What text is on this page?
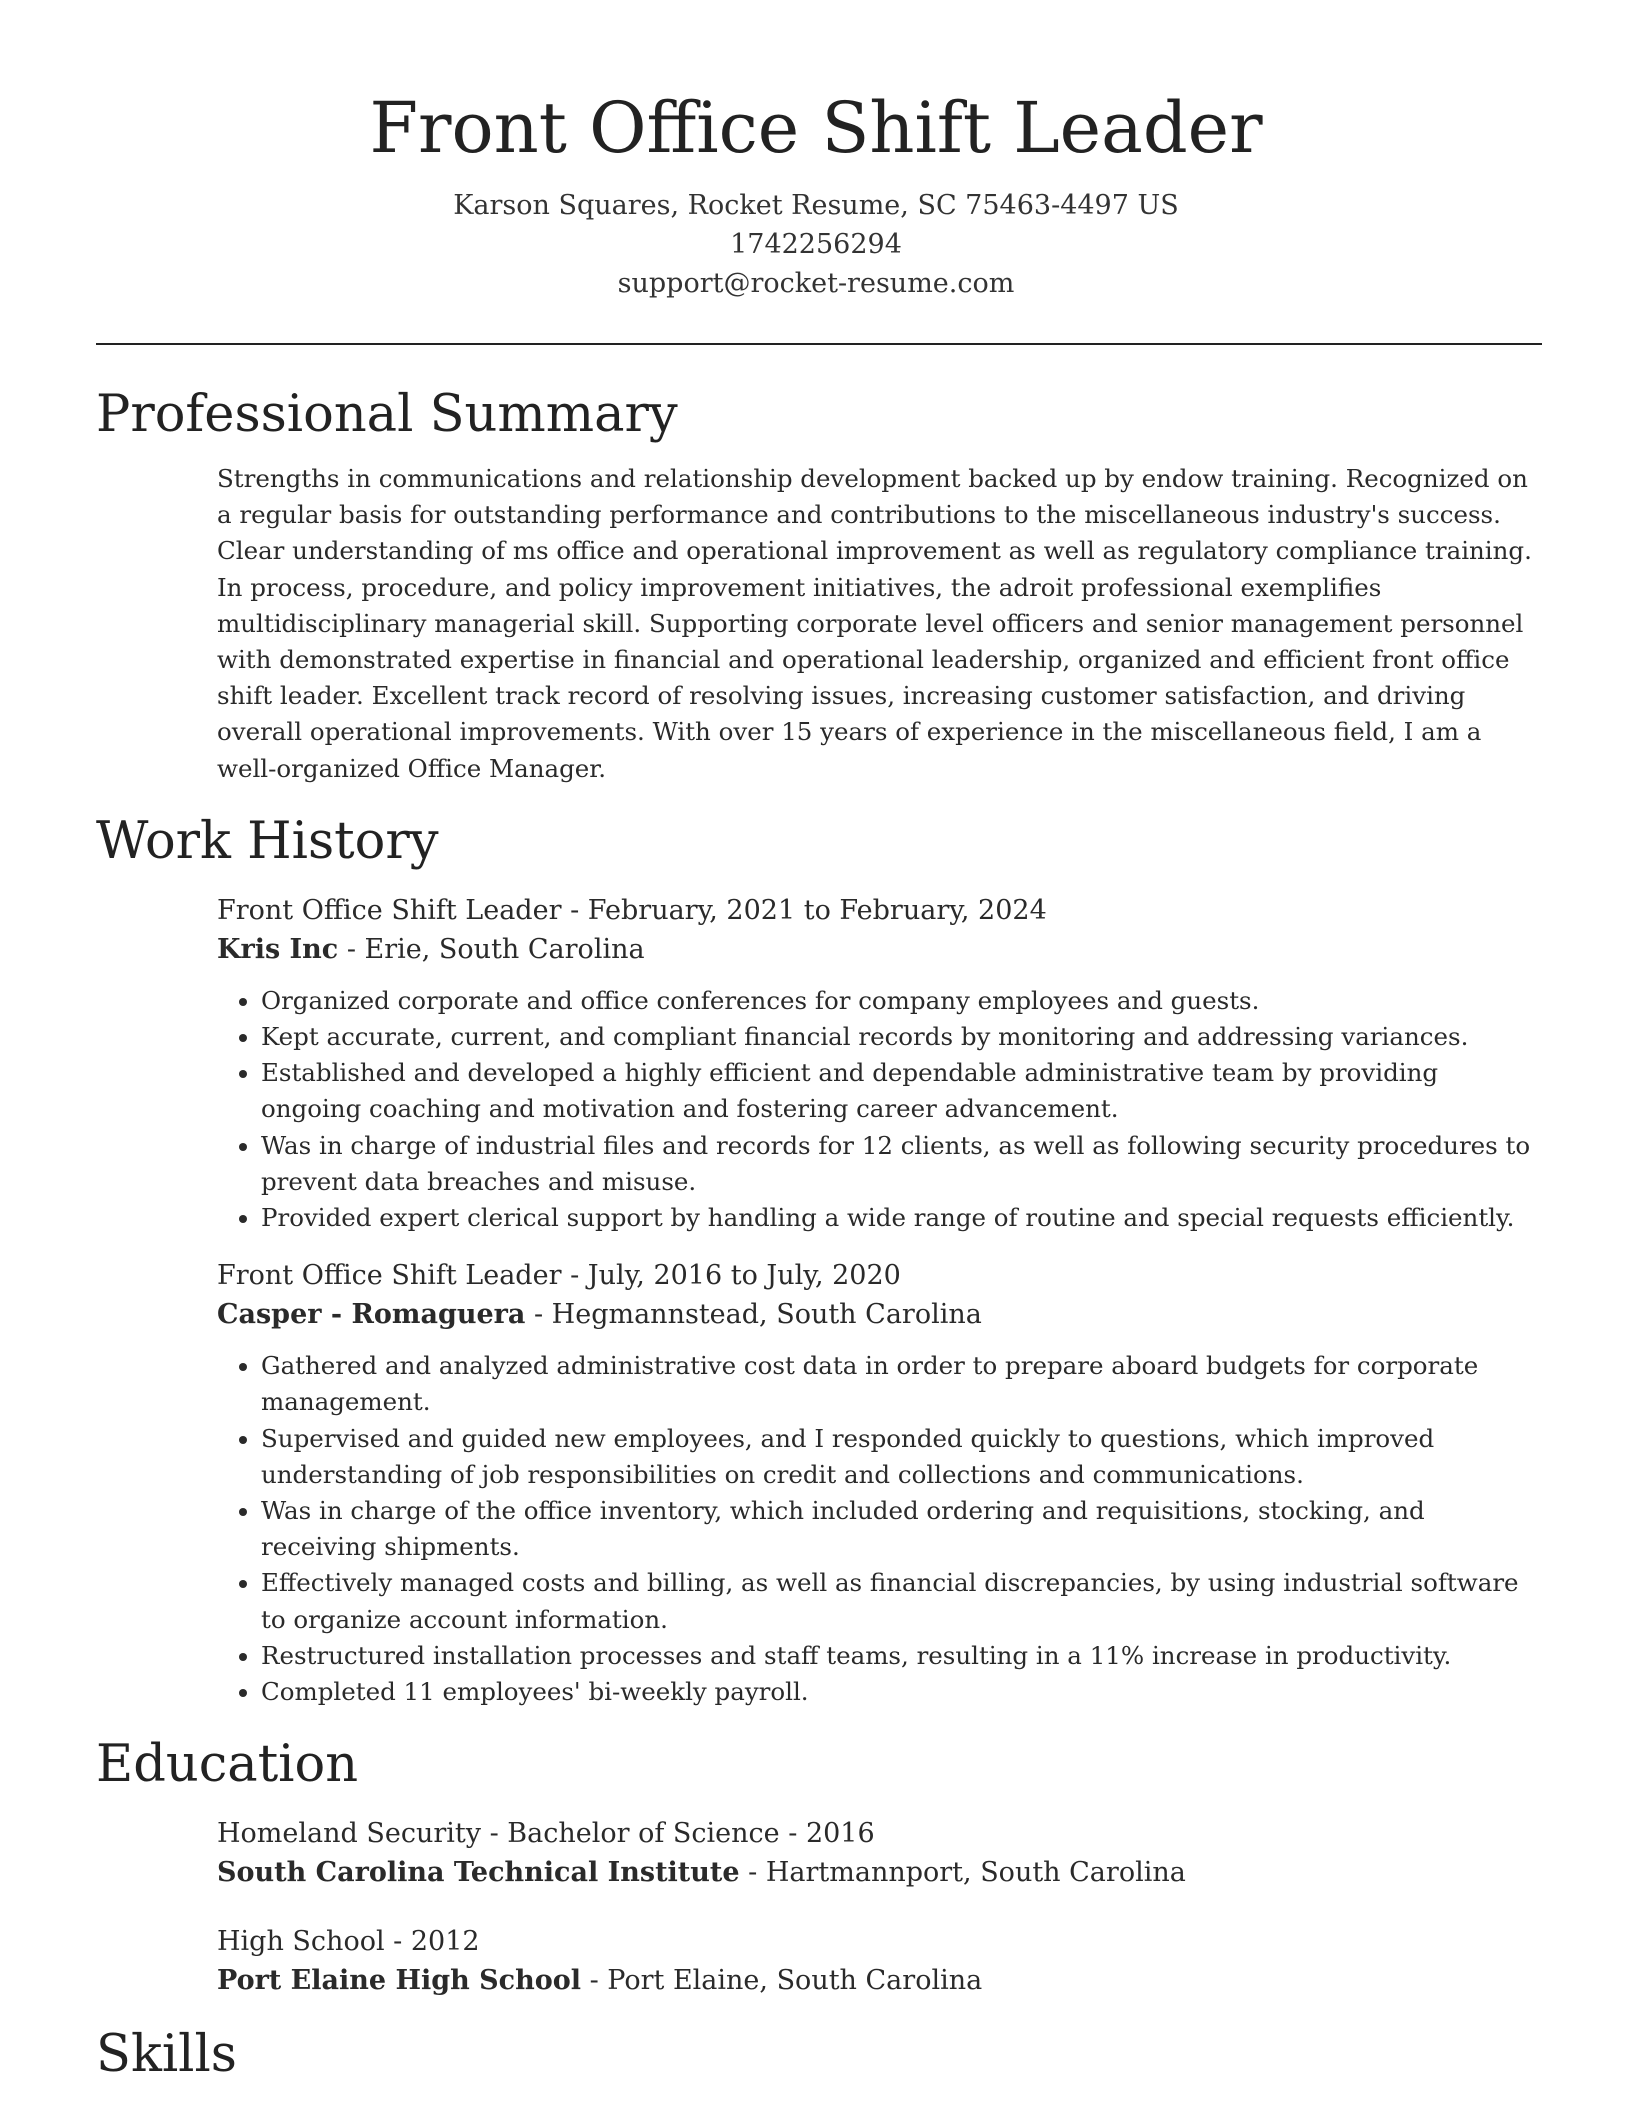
Front Office Shift Leader
Karson Squares, Rocket Resume, SC 75463-4497 US
1742256294
support@rocket-resume.com
Professional Summary

Strengths in communications and relationship development backed up by endow training. Recognized on a regular basis for outstanding performance and contributions to the miscellaneous industry's success. Clear understanding of ms office and operational improvement as well as regulatory compliance training. In process, procedure, and policy improvement initiatives, the adroit professional exemplifies multidisciplinary managerial skill. Supporting corporate level officers and senior management personnel with demonstrated expertise in financial and operational leadership, organized and efficient front office shift leader. Excellent track record of resolving issues, increasing customer satisfaction, and driving overall operational improvements. With over 15 years of experience in the miscellaneous field, I am a well-organized Office Manager.

Work History
Front Office Shift Leader - February, 2021 to February, 2024
Kris Inc - Erie, South Carolina
• Organized corporate and office conferences for company employees and guests.
• Kept accurate, current, and compliant financial records by monitoring and addressing variances.
• Established and developed a highly efficient and dependable administrative team by providing ongoing coaching and motivation and fostering career advancement.
• Was in charge of industrial files and records for 12 clients, as well as following security procedures to prevent data breaches and misuse.
• Provided expert clerical support by handling a wide range of routine and special requests efficiently.
Front Office Shift Leader - July, 2016 to July, 2020
Casper - Romaguera - Hegmannstead, South Carolina
• Gathered and analyzed administrative cost data in order to prepare aboard budgets for corporate management.
• Supervised and guided new employees, and I responded quickly to questions, which improved understanding of job responsibilities on credit and collections and communications.
• Was in charge of the office inventory, which included ordering and requisitions, stocking, and receiving shipments.
• Effectively managed costs and billing, as well as financial discrepancies, by using industrial software to organize account information.
• Restructured installation processes and staff teams, resulting in a 11% increase in productivity.
• Completed 11 employees' bi-weekly payroll.
Education
Homeland Security - Bachelor of Science - 2016
South Carolina Technical Institute - Hartmannport, South Carolina
High School - 2012
Port Elaine High School - Port Elaine, South Carolina
Skills
